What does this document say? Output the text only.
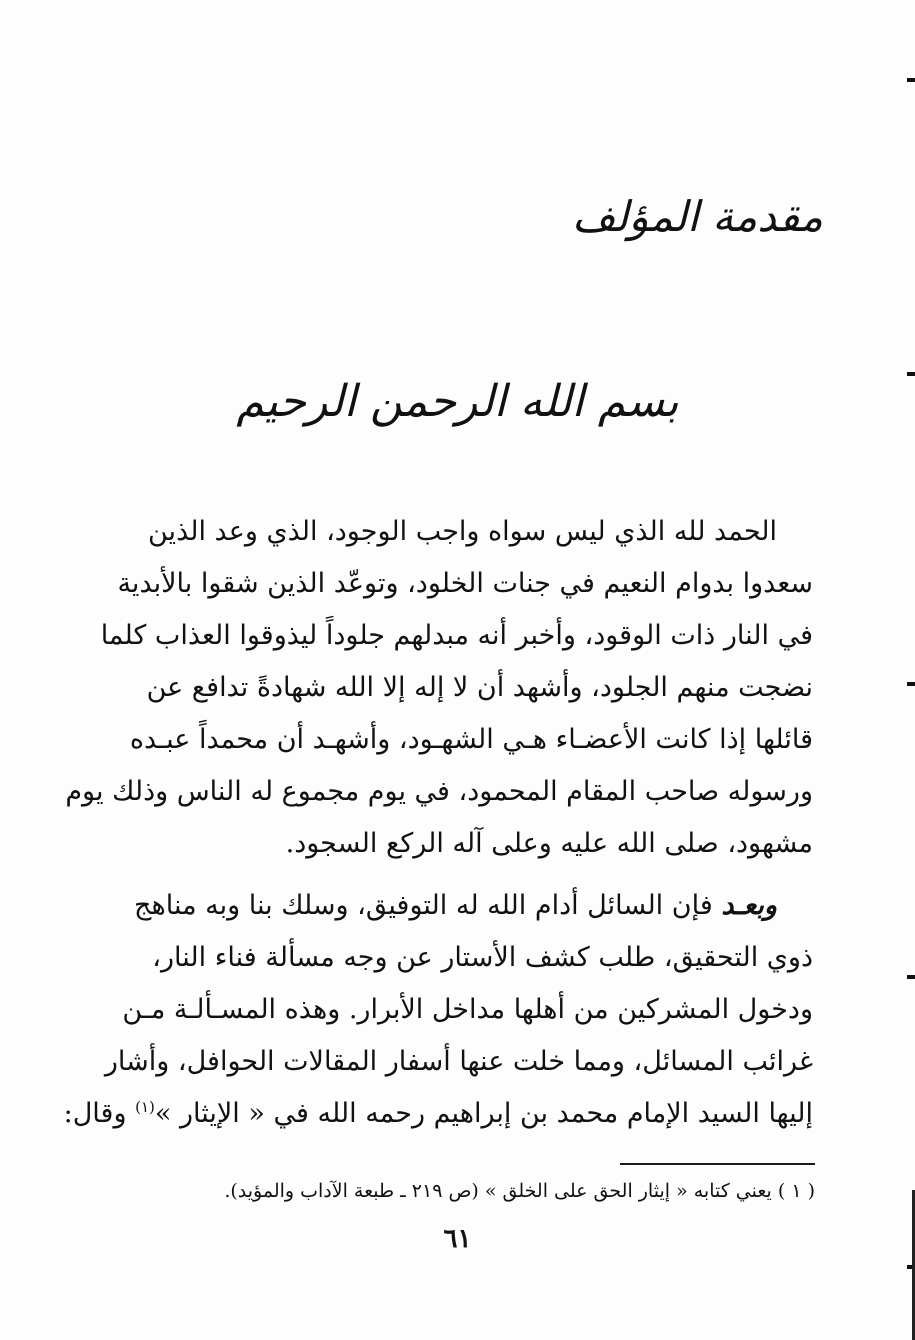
مقدمة المؤلف
بسم الله الرحمن الرحيم
الحمد لله الذي ليس سواه واجب الوجود، الذي وعد الذين
سعدوا بدوام النعيم في جنات الخلود، وتوعّد الذين شقوا بالأبدية
في النار ذات الوقود، وأخبر أنه مبدلهم جلوداً ليذوقوا العذاب كلما
نضجت منهم الجلود، وأشهد أن لا إله إلا الله شهادةً تدافع عن
قائلها إذا كانت الأعضـاء هـي الشهـود، وأشهـد أن محمداً عبـده
ورسوله صاحب المقام المحمود، في يوم مجموع له الناس وذلك يوم
مشهود، صلى الله عليه وعلى آله الركع السجود.
وبعـد فإن السائل أدام الله له التوفيق، وسلك بنا وبه مناهج
ذوي التحقيق، طلب كشف الأستار عن وجه مسألة فناء النار،
ودخول المشركين من أهلها مداخل الأبرار. وهذه المسـألـة مـن
غرائب المسائل، ومما خلت عنها أسفار المقالات الحوافل، وأشار
إليها السيد الإمام محمد بن إبراهيم رحمه الله في « الإيثار »$^{(١)}$ وقال:
( ١ ) يعني كتابه « إيثار الحق على الخلق » (ص ٢١٩ ـ طبعة الآداب والمؤيد).
٦١
